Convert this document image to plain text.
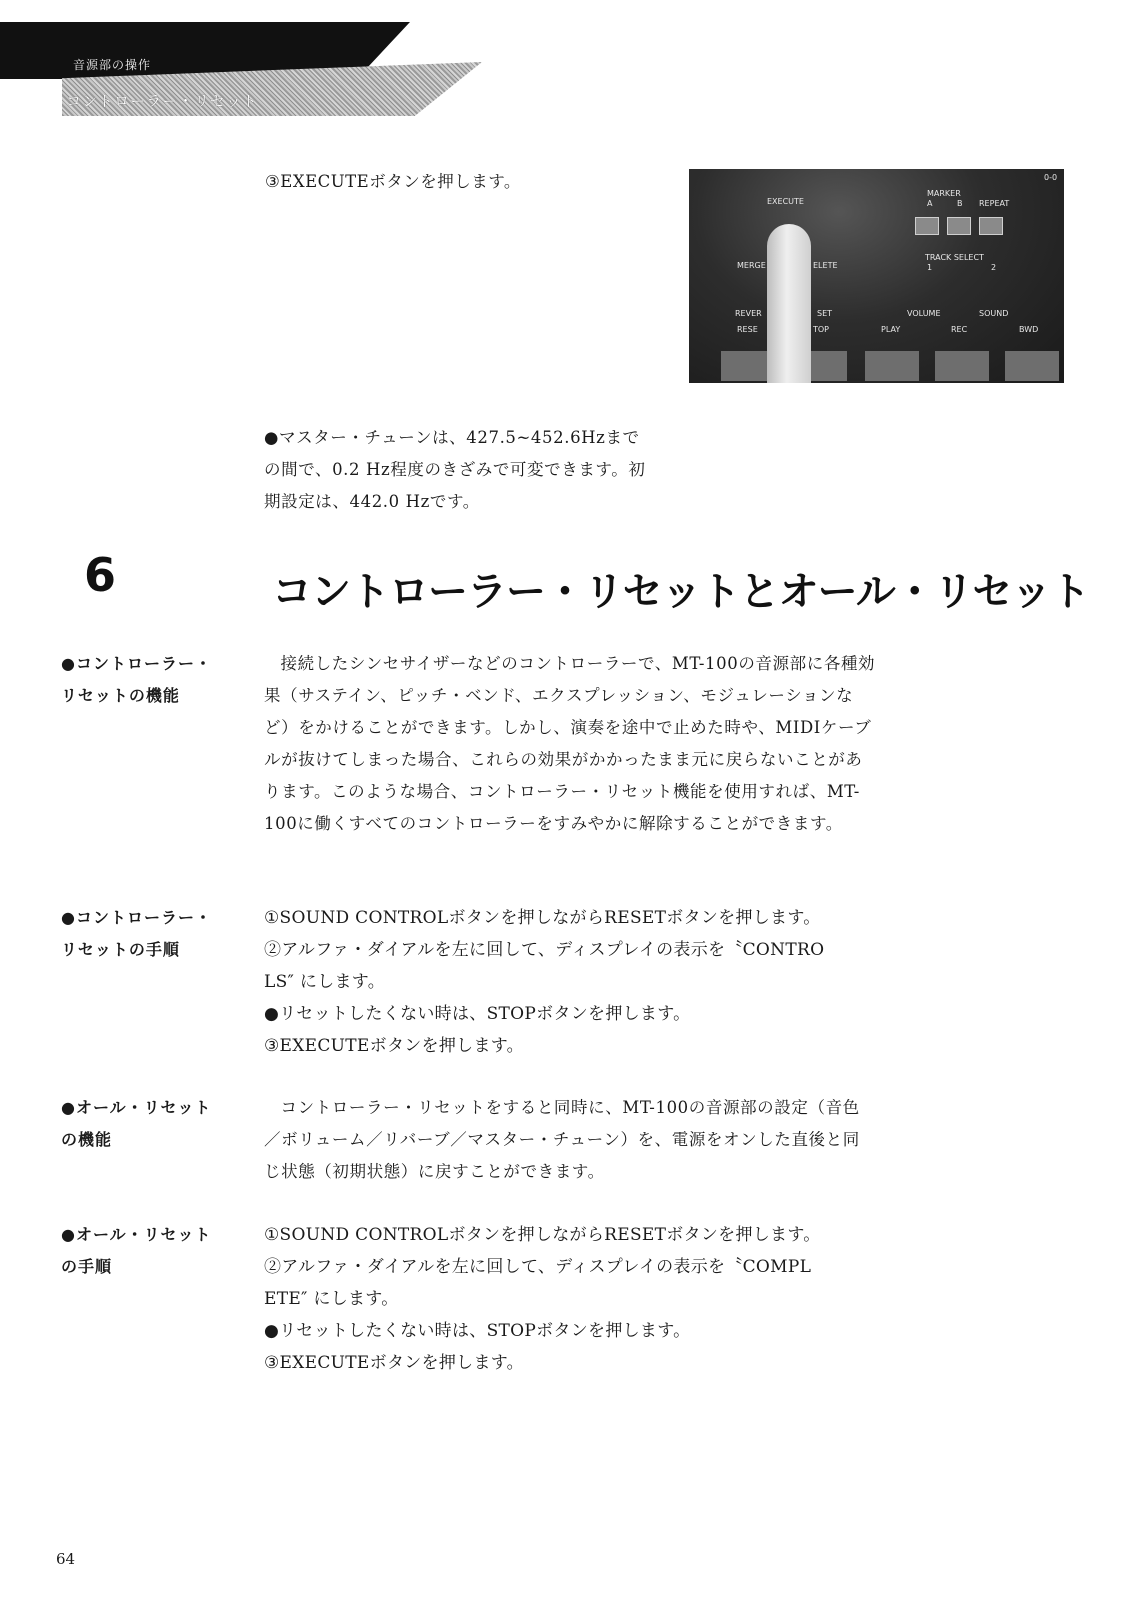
音源部の操作
コントローラー・リセット
③EXECUTEボタンを押します。	0-0
EXECUTE
MARKER
A	B REPEAT
MERGE	ELETE
TRACK SELECT
1	2
REVER	SET	VOLUME	SOUND
RESE	TOP	PLAY	REC	BWD

●マスター・チューンは、427.5~452.6Hzまでの間で、0.2 Hz程度のきざみで可変できます。初期設定は、442.0 Hzです。

6	コントローラー・リセットとオール・リセット
●コントローラー・
リセットの機能

接続したシンセサイザーなどのコントローラーで、MT-100の音源部に各種効果（サステイン、ピッチ・ベンド、エクスプレッション、モジュレーションなど）をかけることができます。しかし、演奏を途中で止めた時や、MIDIケーブルが抜けてしまった場合、これらの効果がかかったまま元に戻らないことがあります。このような場合、コントローラー・リセット機能を使用すれば、MT-100に働くすべてのコントローラーをすみやかに解除することができます。

●コントローラー・
リセットの手順
①SOUND CONTROLボタンを押しながらRESETボタンを押します。
②アルファ・ダイアルを左に回して、ディスプレイの表示を〝CONTRO
LS″ にします。
●リセットしたくない時は、STOPボタンを押します。
③EXECUTEボタンを押します。
●オール・リセット
の機能

コントローラー・リセットをすると同時に、MT-100の音源部の設定（音色／ボリューム／リバーブ／マスター・チューン）を、電源をオンした直後と同じ状態（初期状態）に戻すことができます。

●オール・リセット
の手順
①SOUND CONTROLボタンを押しながらRESETボタンを押します。
②アルファ・ダイアルを左に回して、ディスプレイの表示を〝COMPL
ETE″ にします。
●リセットしたくない時は、STOPボタンを押します。
③EXECUTEボタンを押します。
64
